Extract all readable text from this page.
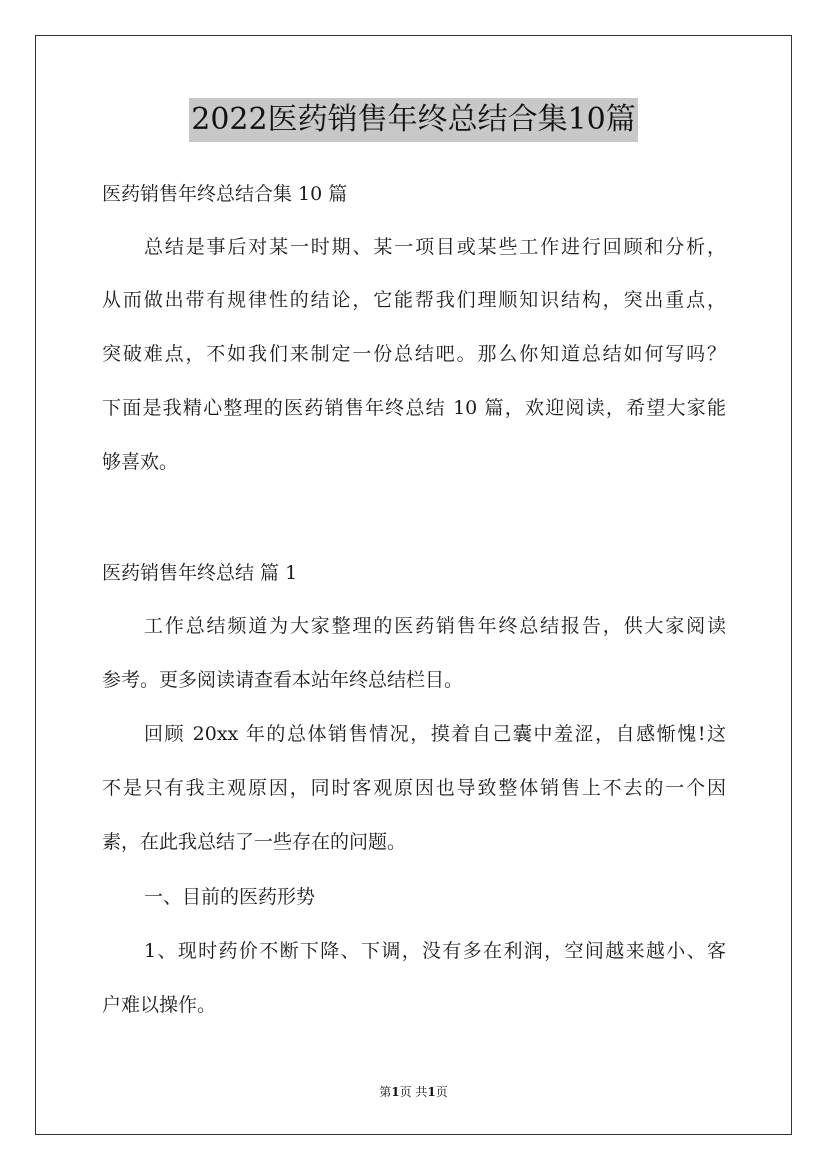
2022医药销售年终总结合集10篇
医药销售年终总结合集 10 篇
总结是事后对某一时期、某一项目或某些工作进行回顾和分析，
从而做出带有规律性的结论，它能帮我们理顺知识结构，突出重点，
突破难点，不如我们来制定一份总结吧。那么你知道总结如何写吗？
下面是我精心整理的医药销售年终总结 10 篇，欢迎阅读，希望大家能
够喜欢。
医药销售年终总结 篇 1
工作总结频道为大家整理的医药销售年终总结报告，供大家阅读
参考。更多阅读请查看本站年终总结栏目。
回顾 20xx 年的总体销售情况，摸着自己囊中羞涩，自感惭愧!这
不是只有我主观原因，同时客观原因也导致整体销售上不去的一个因
素，在此我总结了一些存在的问题。
一、目前的医药形势
1、现时药价不断下降、下调，没有多在利润，空间越来越小、客
户难以操作。
第1页 共1页
